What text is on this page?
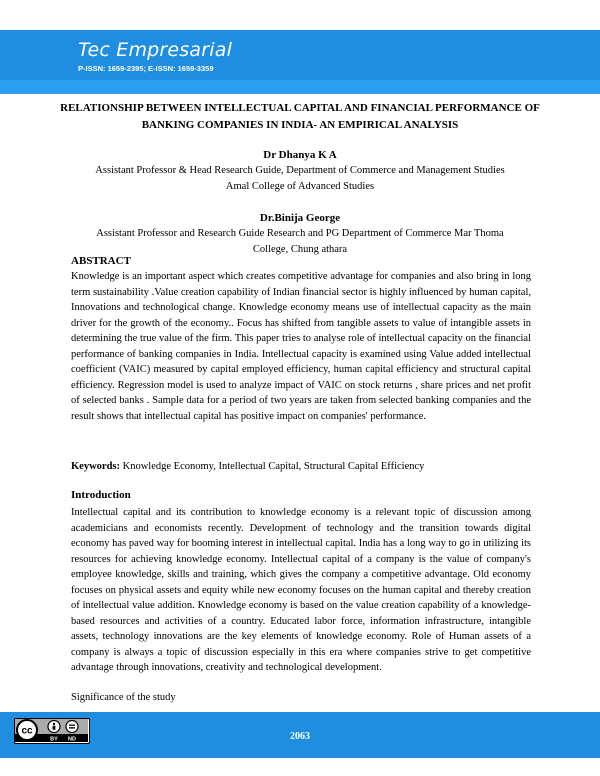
Tec Empresarial
P-ISSN: 1659-2395; E-ISSN: 1659-3359
RELATIONSHIP BETWEEN INTELLECTUAL CAPITAL AND FINANCIAL PERFORMANCE OF BANKING COMPANIES IN INDIA- AN EMPIRICAL ANALYSIS
Dr Dhanya K A
Assistant Professor & Head Research Guide, Department of Commerce and Management Studies
Amal College of Advanced Studies
Dr.Binija George
Assistant Professor and Research Guide Research and PG Department of Commerce Mar Thoma
College, Chung athara
ABSTRACT
Knowledge is an important aspect which creates competitive advantage for companies and also bring in long term sustainability .Value creation capability of Indian financial sector is highly influenced by human capital, Innovations and technological change. Knowledge economy means use of intellectual capacity as the main driver for the growth of the economy.. Focus has shifted from tangible assets to value of intangible assets in determining the true value of the firm. This paper tries to analyse role of intellectual capacity on the financial performance of banking companies in India. Intellectual capacity is examined using Value added intellectual coefficient (VAIC) measured by capital employed efficiency, human capital efficiency and structural capital efficiency. Regression model is used to analyze impact of VAIC on stock returns , share prices and net profit of selected banks . Sample data for a period of two years are taken from selected banking companies and the result shows that intellectual capital has positive impact on companies' performance.
Keywords: Knowledge Economy, Intellectual Capital, Structural Capital Efficiency
Introduction
Intellectual capital and its contribution to knowledge economy is a relevant topic of discussion among academicians and economists recently. Development of technology and the transition towards digital economy has paved way for booming interest in intellectual capital. India has a long way to go in utilizing its resources for achieving knowledge economy. Intellectual capital of a company is the value of company's employee knowledge, skills and training, which gives the company a competitive advantage. Old economy focuses on physical assets and equity while new economy focuses on the human capital and thereby creation of intellectual value addition. Knowledge economy is based on the value creation capability of a knowledge-based resources and activities of a country. Educated labor force, information infrastructure, intangible assets, technology innovations are the key elements of knowledge economy. Role of Human assets of a company is always a topic of discussion especially in this era where companies strive to get competitive advantage through innovations, creativity and technological development.
Significance of the study
cc
BY ND	2063
